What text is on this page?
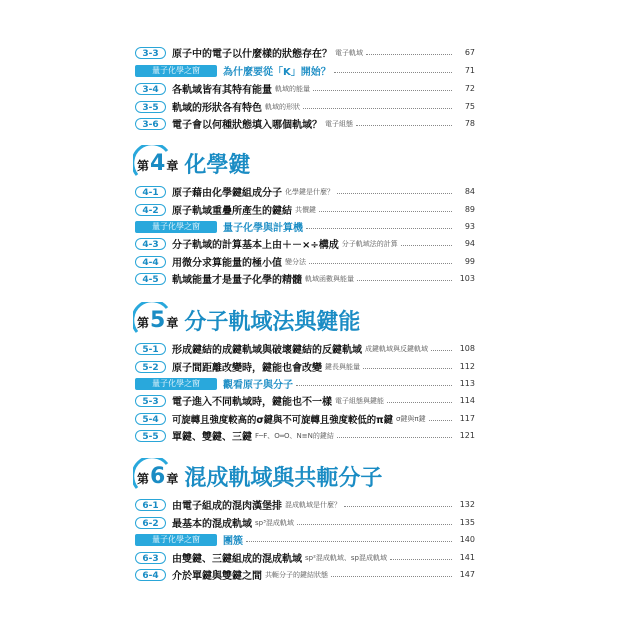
3-3	原子中的電子以什麼樣的狀態存在？ 電子軌域	67
量子化學之窗	為什麼要從「K」開始？	71
3-4	各軌域皆有其特有能量 軌域的能量	72
3-5	軌域的形狀各有特色 軌域的形狀	75
3-6	電子會以何種狀態填入哪個軌域？ 電子組態	78
第 4 章 化學鍵
4-1	原子藉由化學鍵組成分子 化學鍵是什麼？	84
4-2	原子軌域重疊所產生的鍵結 共價鍵	89
量子化學之窗	量子化學與計算機	93
4-3	分子軌域的計算基本上由＋－×÷構成 分子軌域法的計算	94
4-4	用微分求算能量的極小值 變分法	99
4-5	軌域能量才是量子化學的精髓 軌域函數與能量	103
第 5 章 分子軌域法與鍵能
5-1	形成鍵結的成鍵軌域與破壞鍵結的反鍵軌域 成鍵軌域與反鍵軌域	108
5-2	原子間距離改變時，鍵能也會改變 鍵長與能量	112
量子化學之窗	觀看原子與分子	113
5-3	電子進入不同軌域時，鍵能也不一樣 電子組態與鍵能	114
5-4	可旋轉且強度較高的σ鍵與不可旋轉且強度較低的π鍵 σ鍵與π鍵	117
5-5	單鍵、雙鍵、三鍵 F─F、O═O、N≡N的鍵結	121
第 6 章 混成軌域與共軛分子
6-1	由電子組成的混肉漢堡排 混成軌域是什麼？	132
6-2	最基本的混成軌域 sp³混成軌域	135
量子化學之窗	團簇	140
6-3	由雙鍵、三鍵組成的混成軌域 sp²混成軌域、sp混成軌域	141
6-4	介於單鍵與雙鍵之間 共軛分子的鍵結狀態	147
